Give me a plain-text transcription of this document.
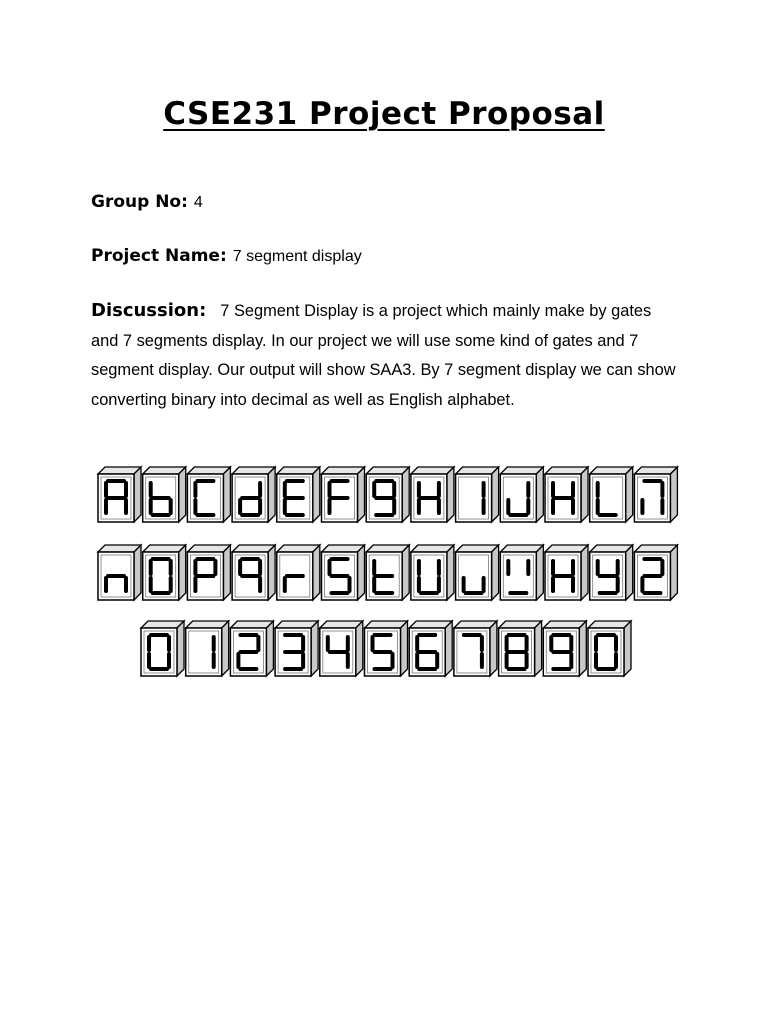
CSE231 Project Proposal
Group No: 4
Project Name: 7 segment display
Discussion: 7 Segment Display is a project which mainly make by gates and 7 segments display. In our project we will use some kind of gates and 7 segment display. Our output will show SAA3. By 7 segment display we can show converting binary into decimal as well as English alphabet.
